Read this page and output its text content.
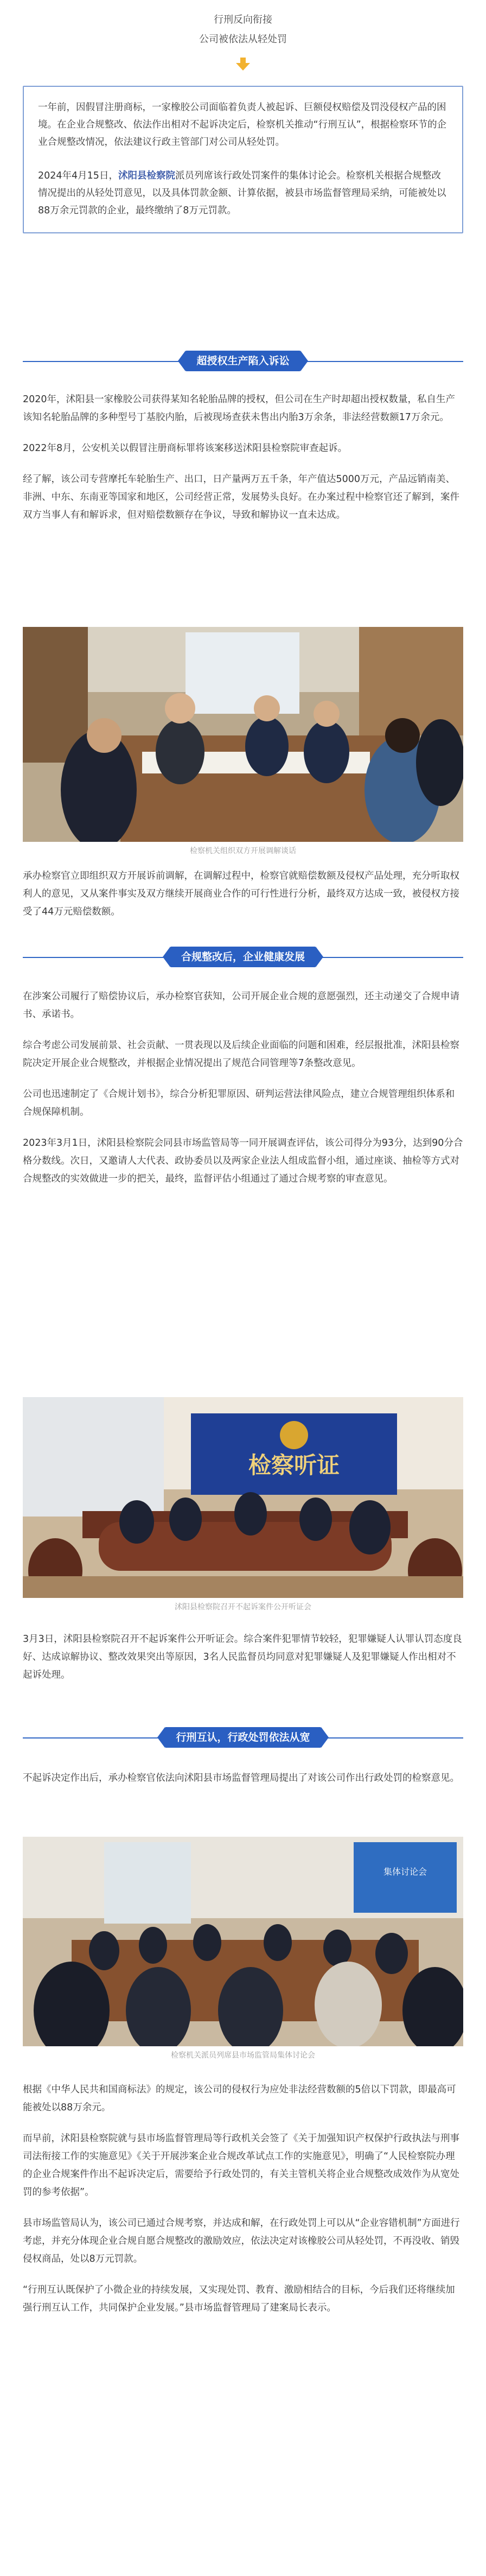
行刑反向衔接
公司被依法从轻处罚

一年前，因假冒注册商标，一家橡胶公司面临着负责人被起诉、巨额侵权赔偿及罚没侵权产品的困境。在企业合规整改、依法作出相对不起诉决定后，检察机关推动“行刑互认”，根据检察环节的企业合规整改情况，依法建议行政主管部门对公司从轻处罚。

2024年4月15日，沭阳县检察院派员列席该行政处罚案件的集体讨论会。检察机关根据合规整改情况提出的从轻处罚意见，以及具体罚款金额、计算依据，被县市场监督管理局采纳，可能被处以88万余元罚款的企业，最终缴纳了8万元罚款。

超授权生产陷入诉讼

2020年，沭阳县一家橡胶公司获得某知名轮胎品牌的授权，但公司在生产时却超出授权数量，私自生产该知名轮胎品牌的多种型号丁基胶内胎，后被现场查获未售出内胎3万余条，非法经营数额17万余元。

2022年8月，公安机关以假冒注册商标罪将该案移送沭阳县检察院审查起诉。

经了解，该公司专营摩托车轮胎生产、出口，日产量两万五千条，年产值达5000万元，产品远销南美、非洲、中东、东南亚等国家和地区，公司经营正常，发展势头良好。在办案过程中检察官还了解到，案件双方当事人有和解诉求，但对赔偿数额存在争议，导致和解协议一直未达成。

检察机关组织双方开展调解谈话

承办检察官立即组织双方开展诉前调解，在调解过程中，检察官就赔偿数额及侵权产品处理，充分听取权利人的意见，又从案件事实及双方继续开展商业合作的可行性进行分析，最终双方达成一致，被侵权方接受了44万元赔偿数额。

合规整改后，企业健康发展

在涉案公司履行了赔偿协议后，承办检察官获知，公司开展企业合规的意愿强烈，还主动递交了合规申请书、承诺书。

综合考虑公司发展前景、社会贡献、一贯表现以及后续企业面临的问题和困难，经层报批准，沭阳县检察院决定开展企业合规整改，并根据企业情况提出了规范合同管理等7条整改意见。

公司也迅速制定了《合规计划书》，综合分析犯罪原因、研判运营法律风险点，建立合规管理组织体系和合规保障机制。

2023年3月1日，沭阳县检察院会同县市场监管局等一同开展调查评估，该公司得分为93分，达到90分合格分数线。次日，又邀请人大代表、政协委员以及两家企业法人组成监督小组，通过座谈、抽检等方式对合规整改的实效做进一步的把关，最终，监督评估小组通过了通过合规考察的审查意见。

检察听证
沭阳县检察院召开不起诉案件公开听证会

3月3日，沭阳县检察院召开不起诉案件公开听证会。综合案件犯罪情节较轻，犯罪嫌疑人认罪认罚态度良好、达成谅解协议、整改效果突出等原因，3名人民监督员均同意对犯罪嫌疑人及犯罪嫌疑人作出相对不起诉处理。

行刑互认，行政处罚依法从宽

不起诉决定作出后，承办检察官依法向沭阳县市场监督管理局提出了对该公司作出行政处罚的检察意见。

集体讨论会
检察机关派员列席县市场监管局集体讨论会

根据《中华人民共和国商标法》的规定，该公司的侵权行为应处非法经营数额的5倍以下罚款，即最高可能被处以88万余元。

而早前，沭阳县检察院就与县市场监督管理局等行政机关会签了《关于加强知识产权保护行政执法与刑事司法衔接工作的实施意见》《关于开展涉案企业合规改革试点工作的实施意见》，明确了“人民检察院办理的企业合规案件作出不起诉决定后，需要给予行政处罚的，有关主管机关将企业合规整改成效作为从宽处罚的参考依据”。

县市场监管局认为，该公司已通过合规考察，并达成和解，在行政处罚上可以从“企业容错机制”方面进行考虑，并充分体现企业合规自愿合规整改的激励效应，依法决定对该橡胶公司从轻处罚，不再没收、销毁侵权商品，处以8万元罚款。

“行刑互认既保护了小微企业的持续发展，又实现处罚、教育、激励相结合的目标，今后我们还将继续加强行刑互认工作，共同保护企业发展。”县市场监督管理局了建案局长表示。
